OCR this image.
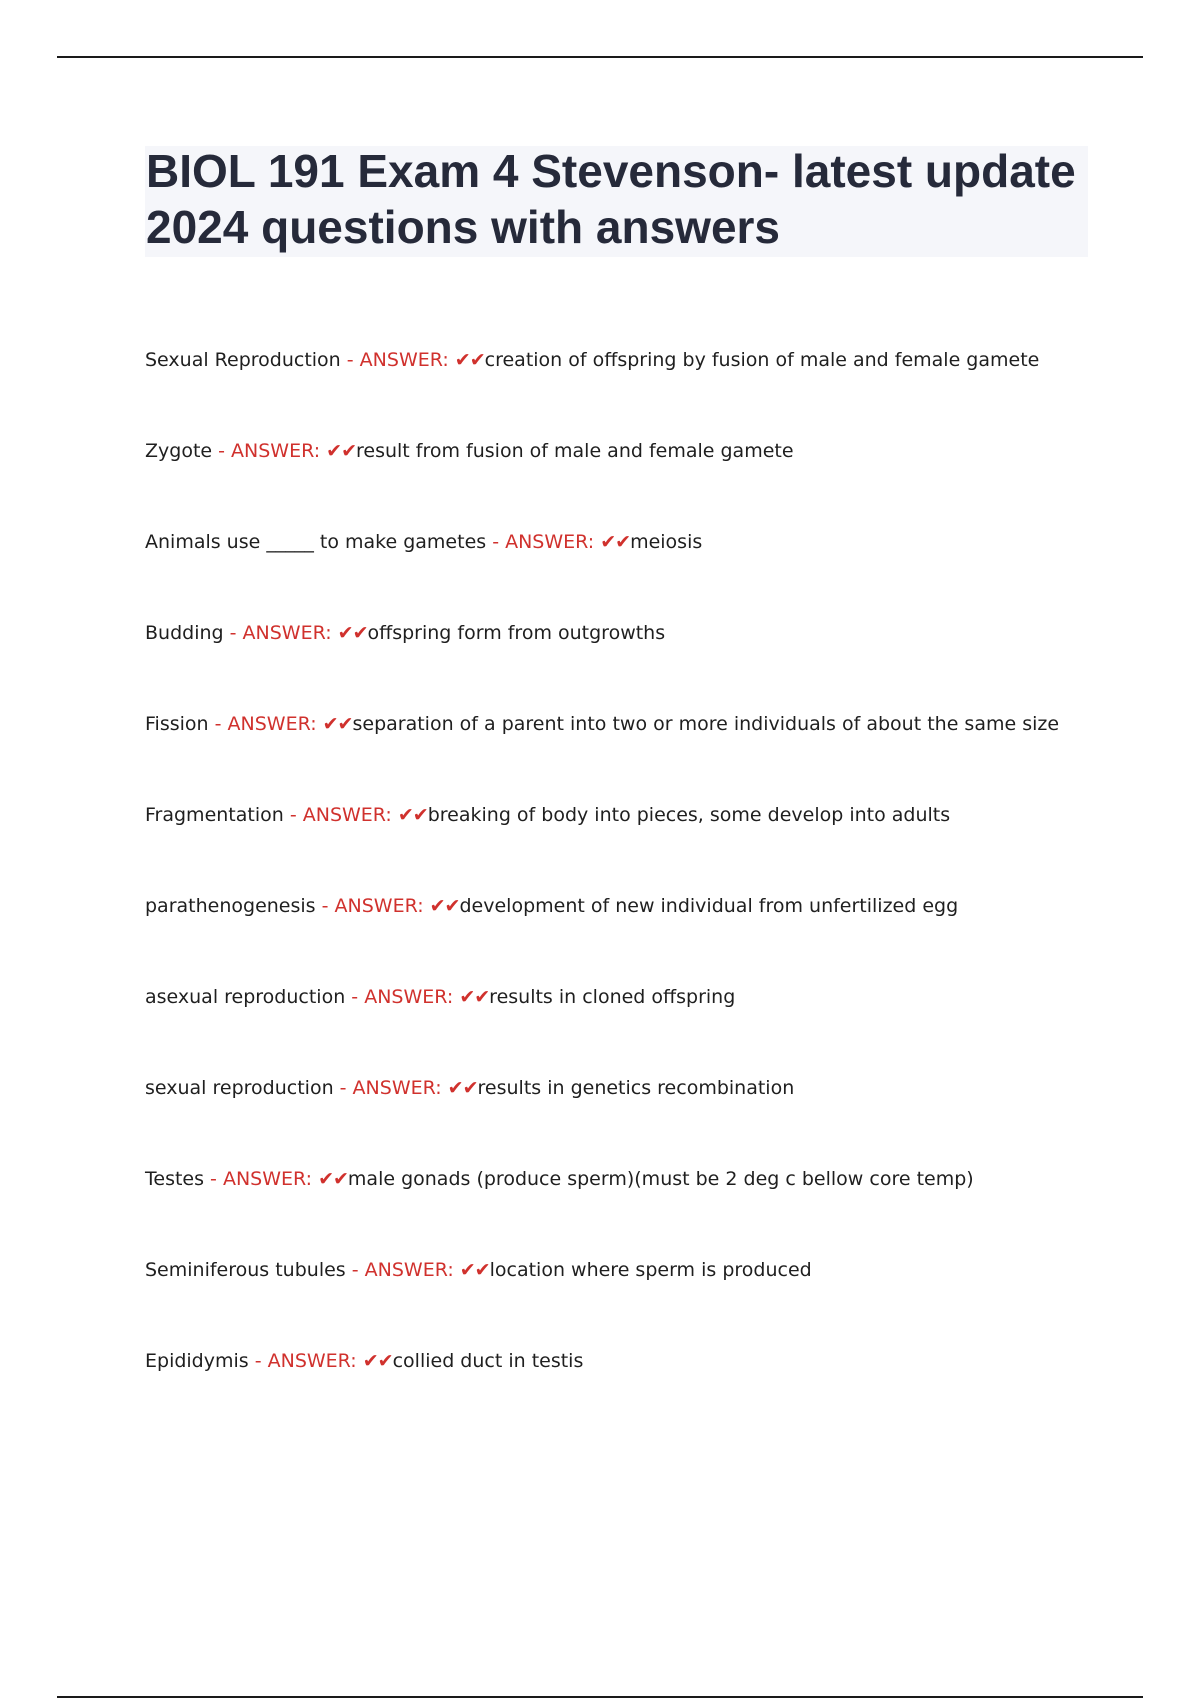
BIOL 191 Exam 4 Stevenson- latest update 2024 questions with answers
Sexual Reproduction - ANSWER: ✔✔creation of offspring by fusion of male and female gamete
Zygote - ANSWER: ✔✔result from fusion of male and female gamete
Animals use _____ to make gametes - ANSWER: ✔✔meiosis
Budding - ANSWER: ✔✔offspring form from outgrowths
Fission - ANSWER: ✔✔separation of a parent into two or more individuals of about the same size
Fragmentation - ANSWER: ✔✔breaking of body into pieces, some develop into adults
parathenogenesis - ANSWER: ✔✔development of new individual from unfertilized egg
asexual reproduction - ANSWER: ✔✔results in cloned offspring
sexual reproduction - ANSWER: ✔✔results in genetics recombination
Testes - ANSWER: ✔✔male gonads (produce sperm)(must be 2 deg c bellow core temp)
Seminiferous tubules - ANSWER: ✔✔location where sperm is produced
Epididymis - ANSWER: ✔✔collied duct in testis
